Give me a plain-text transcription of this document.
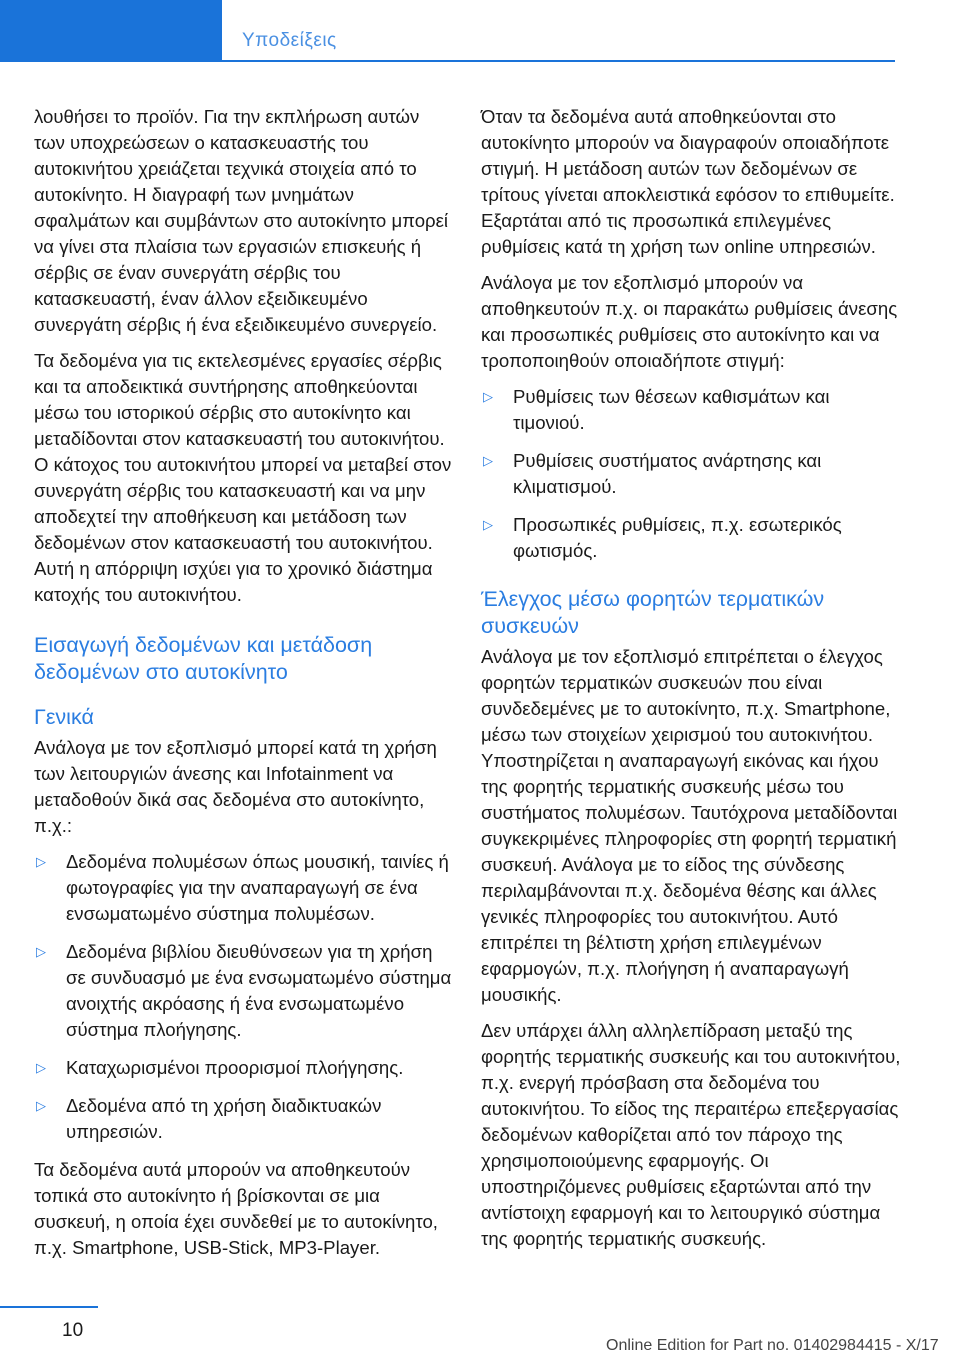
Υποδείξεις

λουθήσει το προϊόν. Για την εκπλήρωση αυτών των υποχρεώσεων ο κατασκευαστής του αυτοκινήτου χρειάζεται τεχνικά στοιχεία από το αυτοκίνητο. Η διαγραφή των μνημάτων σφαλμάτων και συμβάντων στο αυτοκίνητο μπορεί να γίνει στα πλαίσια των εργασιών επισκευής ή σέρβις σε έναν συνεργάτη σέρβις του κατασκευαστή, έναν άλλον εξειδικευμένο συνεργάτη σέρβις ή ένα εξειδικευμένο συνεργείο.

Τα δεδομένα για τις εκτελεσμένες εργασίες σέρβις και τα αποδεικτικά συντήρησης αποθηκεύονται μέσω του ιστορικού σέρβις στο αυτοκίνητο και μεταδίδονται στον κατασκευαστή του αυτοκινήτου. Ο κάτοχος του αυτοκινήτου μπορεί να μεταβεί στον συνεργάτη σέρβις του κατασκευαστή και να μην αποδεχτεί την αποθήκευση και μετάδοση των δεδομένων στον κατασκευαστή του αυτοκινήτου. Αυτή η απόρριψη ισχύει για το χρονικό διάστημα κατοχής του αυτοκινήτου.

Εισαγωγή δεδομένων και μετάδοση δεδομένων στο αυτοκίνητο
Γενικά

Ανάλογα με τον εξοπλισμό μπορεί κατά τη χρήση των λειτουργιών άνεσης και Infotainment να μεταδοθούν δικά σας δεδομένα στο αυτοκίνητο, π.χ.:

▷ Δεδομένα πολυμέσων όπως μουσική, ταινίες ή φωτογραφίες για την αναπαραγωγή σε ένα ενσωματωμένο σύστημα πολυμέσων.
▷ Δεδομένα βιβλίου διευθύνσεων για τη χρήση σε συνδυασμό με ένα ενσωματωμένο σύστημα ανοιχτής ακρόασης ή ένα ενσωματωμένο σύστημα πλοήγησης.
▷ Καταχωρισμένοι προορισμοί πλοήγησης.
▷ Δεδομένα από τη χρήση διαδικτυακών υπηρεσιών.

Τα δεδομένα αυτά μπορούν να αποθηκευτούν τοπικά στο αυτοκίνητο ή βρίσκονται σε μια συσκευή, η οποία έχει συνδεθεί με το αυτοκίνητο, π.χ. Smartphone, USB-Stick, MP3-Player.

Όταν τα δεδομένα αυτά αποθηκεύονται στο αυτοκίνητο μπορούν να διαγραφούν οποιαδήποτε στιγμή. Η μετάδοση αυτών των δεδομένων σε τρίτους γίνεται αποκλειστικά εφόσον το επιθυμείτε. Εξαρτάται από τις προσωπικά επιλεγμένες ρυθμίσεις κατά τη χρήση των online υπηρεσιών.

Ανάλογα με τον εξοπλισμό μπορούν να αποθηκευτούν π.χ. οι παρακάτω ρυθμίσεις άνεσης και προσωπικές ρυθμίσεις στο αυτοκίνητο και να τροποποιηθούν οποιαδήποτε στιγμή:

▷ Ρυθμίσεις των θέσεων καθισμάτων και τιμονιού.
▷ Ρυθμίσεις συστήματος ανάρτησης και κλιματισμού.
▷ Προσωπικές ρυθμίσεις, π.χ. εσωτερικός φωτισμός.
Έλεγχος μέσω φορητών τερματικών συσκευών

Ανάλογα με τον εξοπλισμό επιτρέπεται ο έλεγχος φορητών τερματικών συσκευών που είναι συνδεδεμένες με το αυτοκίνητο, π.χ. Smartphone, μέσω των στοιχείων χειρισμού του αυτοκινήτου. Υποστηρίζεται η αναπαραγωγή εικόνας και ήχου της φορητής τερματικής συσκευής μέσω του συστήματος πολυμέσων. Ταυτόχρονα μεταδίδονται συγκεκριμένες πληροφορίες στη φορητή τερματική συσκευή. Ανάλογα με το είδος της σύνδεσης περιλαμβάνονται π.χ. δεδομένα θέσης και άλλες γενικές πληροφορίες του αυτοκινήτου. Αυτό επιτρέπει τη βέλτιστη χρήση επιλεγμένων εφαρμογών, π.χ. πλοήγηση ή αναπαραγωγή μουσικής.

Δεν υπάρχει άλλη αλληλεπίδραση μεταξύ της φορητής τερματικής συσκευής και του αυτοκινήτου, π.χ. ενεργή πρόσβαση στα δεδομένα του αυτοκινήτου. Το είδος της περαιτέρω επεξεργασίας δεδομένων καθορίζεται από τον πάροχο της χρησιμοποιούμενης εφαρμογής. Οι υποστηριζόμενες ρυθμίσεις εξαρτώνται από την αντίστοιχη εφαρμογή και το λειτουργικό σύστημα της φορητής τερματικής συσκευής.

10
Online Edition for Part no. 01402984415 - X/17
